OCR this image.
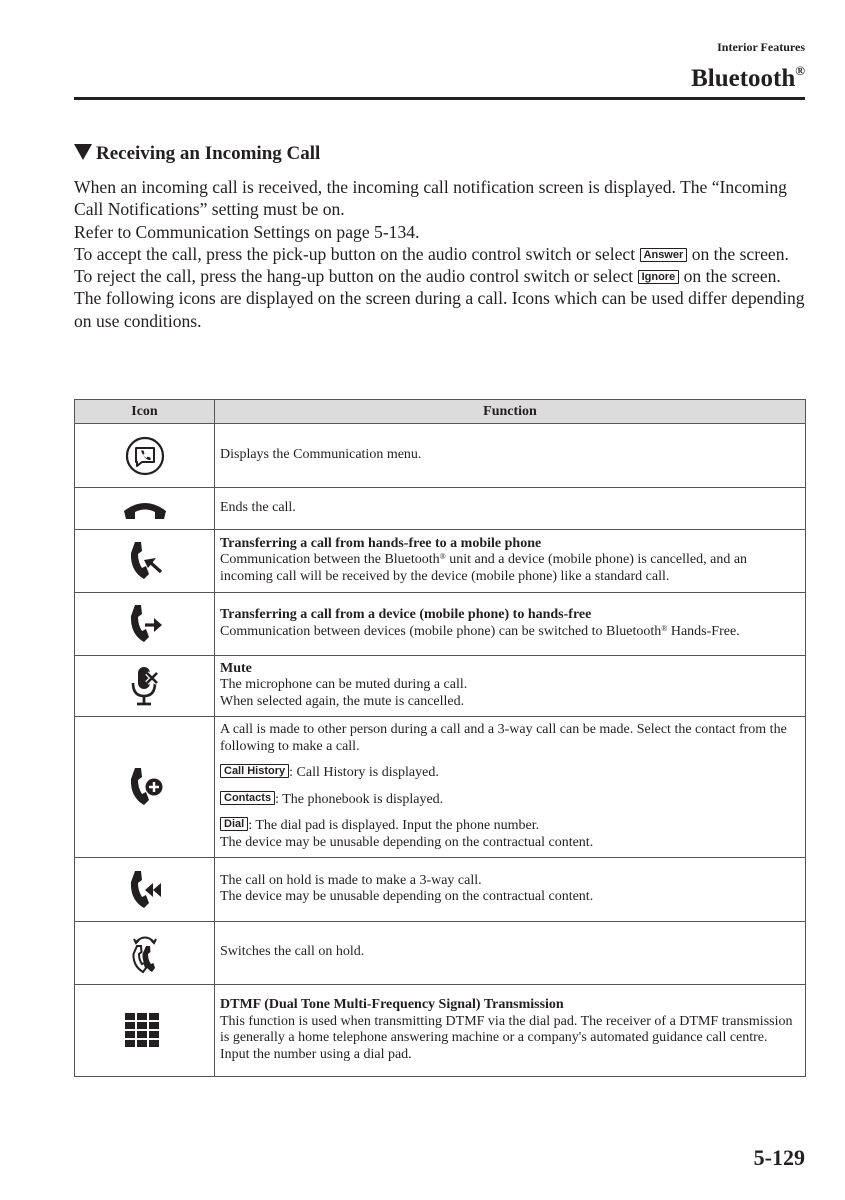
Interior Features
Bluetooth®
Receiving an Incoming Call

When an incoming call is received, the incoming call notification screen is displayed. The “Incoming Call Notifications” setting must be on.

Refer to Communication Settings on page 5-134.

To accept the call, press the pick-up button on the audio control switch or select Answer on the screen.

To reject the call, press the hang-up button on the audio control switch or select Ignore on the screen.

The following icons are displayed on the screen during a call. Icons which can be used differ depending on use conditions.

Icon	Function

	Displays the Communication menu.

	Ends the call.

Transferring a call from hands-free to a mobile phone
Communication between the Bluetooth® unit and a device (mobile phone) is cancelled, and an incoming call will be received by the device (mobile phone) like a standard call.

Transferring a call from a device (mobile phone) to hands-free
Communication between devices (mobile phone) can be switched to Bluetooth® Hands-Free.

Mute
The microphone can be muted during a call.
When selected again, the mute is cancelled.

A call is made to other person during a call and a 3-way call can be made. Select the contact from the following to make a call.
Call History : Call History is displayed.
Contacts : The phonebook is displayed.
Dial : The dial pad is displayed. Input the phone number.
The device may be unusable depending on the contractual content.

The call on hold is made to make a 3-way call.
The device may be unusable depending on the contractual content.

	Switches the call on hold.

DTMF (Dual Tone Multi-Frequency Signal) Transmission
This function is used when transmitting DTMF via the dial pad. The receiver of a DTMF transmission is generally a home telephone answering machine or a company's automated guidance call centre.
Input the number using a dial pad.
5-129
